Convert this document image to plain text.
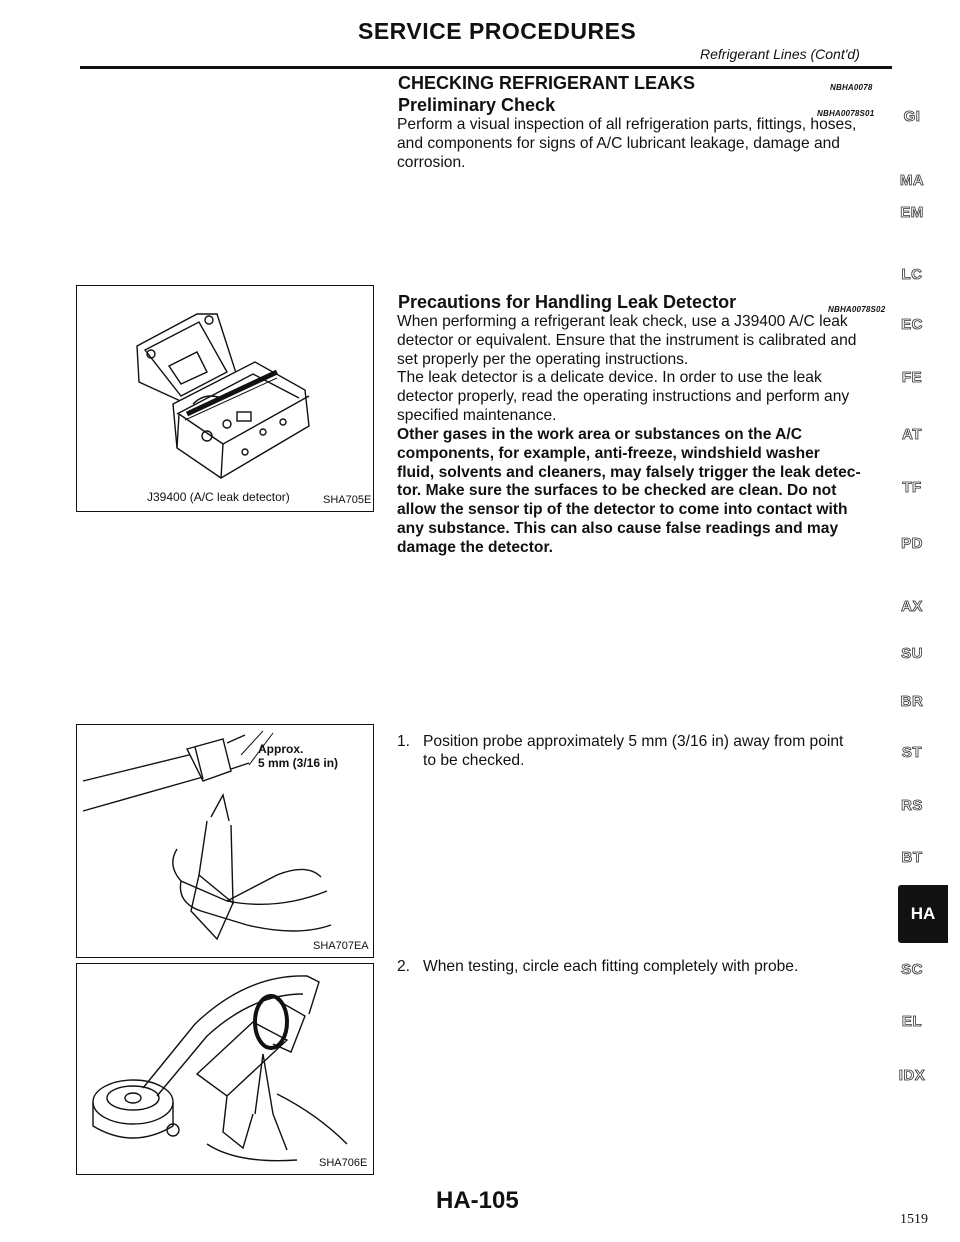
SERVICE PROCEDURES
Refrigerant Lines (Cont'd)
CHECKING REFRIGERANT LEAKS	NBHA0078
Preliminary Check	NBHA0078S01
Perform a visual inspection of all refrigeration parts, fittings, hoses,
and components for signs of A/C lubricant leakage, damage and
corrosion.
Precautions for Handling Leak Detector	NBHA0078S02
When performing a refrigerant leak check, use a J39400 A/C leak
detector or equivalent. Ensure that the instrument is calibrated and
set properly per the operating instructions.
The leak detector is a delicate device. In order to use the leak
detector properly, read the operating instructions and perform any
specified maintenance.
Other gases in the work area or substances on the A/C
components, for example, anti-freeze, windshield washer
fluid, solvents and cleaners, may falsely trigger the leak detec-
tor. Make sure the surfaces to be checked are clean. Do not
allow the sensor tip of the detector to come into contact with
any substance. This can also cause false readings and may
damage the detector.
1. Position probe approximately 5 mm (3/16 in) away from point
to be checked.
2. When testing, circle each fitting completely with probe.
J39400 (A/C leak detector)	SHA705E
Approx.
5 mm (3/16 in)
SHA707EA
SHA706E
GI
MA
EM
LC
EC
FE
AT
TF
PD
AX
SU
BR
ST
RS
BT
HA
SC
EL
IDX
HA-105
1519
